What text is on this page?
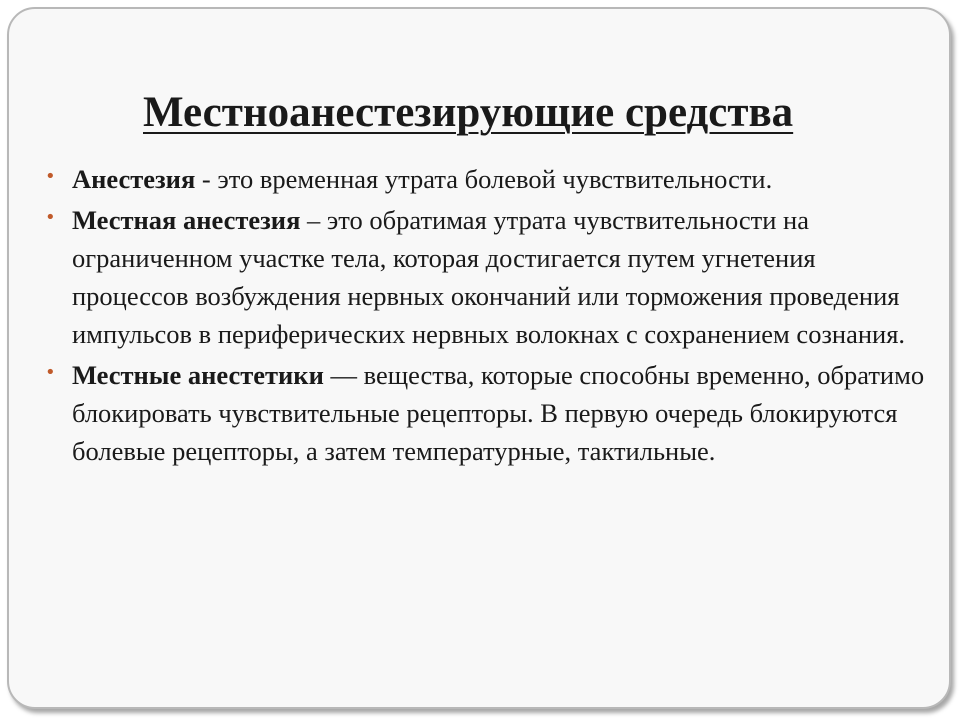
Местноанестезирующие средства
• Анестезия - это временная утрата болевой чувствительности.
• Местная анестезия – это обратимая утрата чувствительности на ограниченном участке тела, которая достигается путем угнетения процессов возбуждения нервных окончаний или торможения проведения импульсов в периферических нервных волокнах с сохранением сознания.
• Местные анестетики — вещества, которые способны временно, обратимо блокировать чувствительные рецепторы. В первую очередь блокируются болевые рецепторы, а затем температурные, тактильные.
